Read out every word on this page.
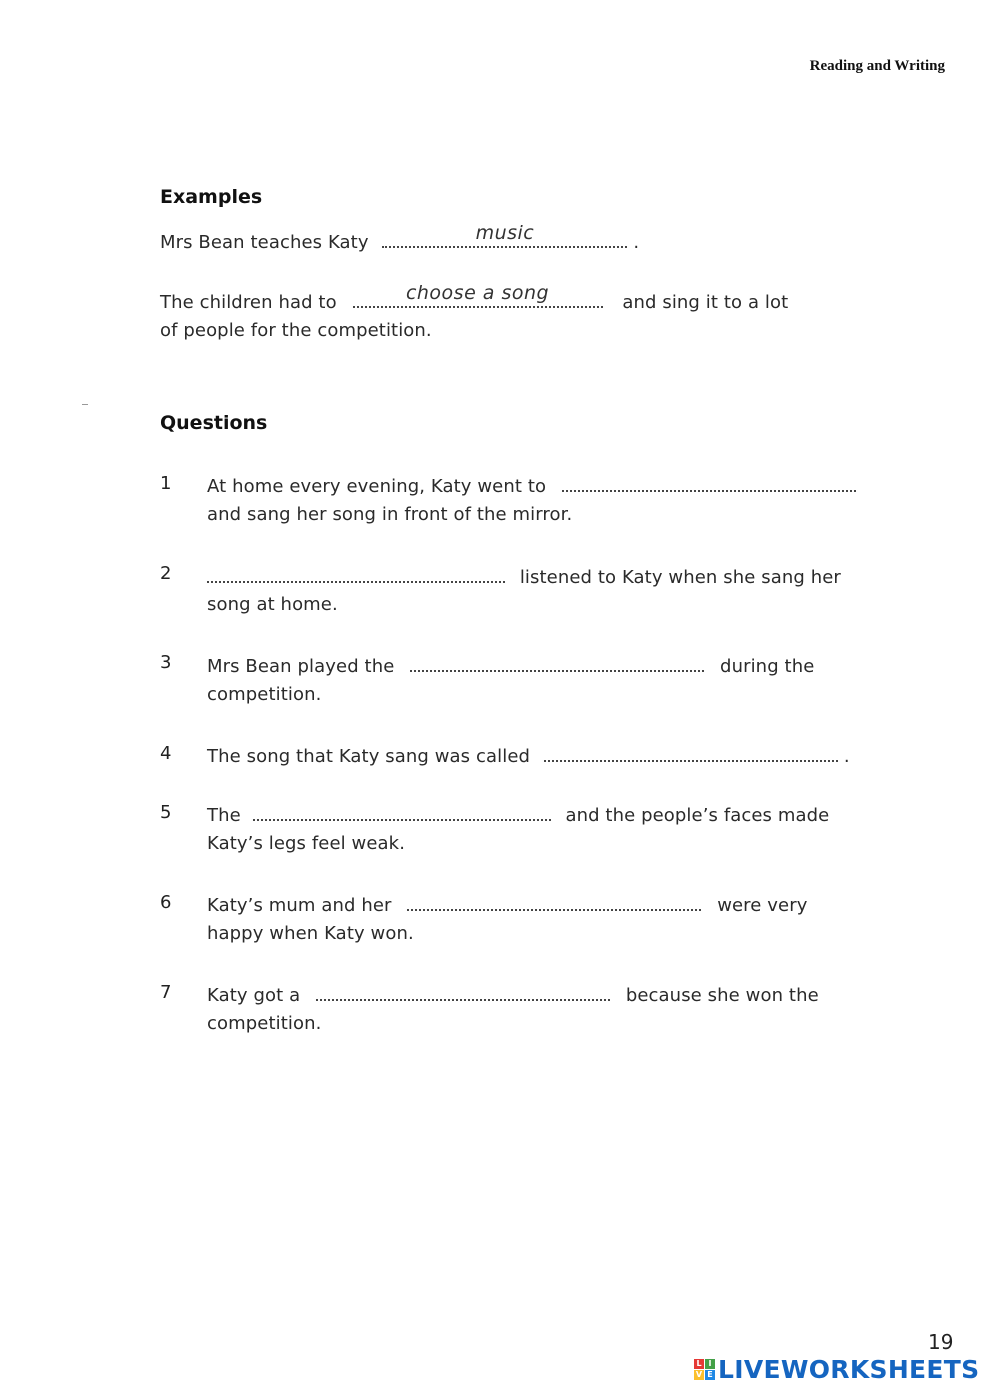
Reading and Writing
Examples
Mrs Bean teaches Katy	music	.
The children had to	choose a song	and sing it to a lot
of people for the competition.
Questions
1 At home every evening, Katy went to
and sang her song in front of the mirror.
2	listened to Katy when she sang her
song at home.
3 Mrs Bean played the	during the
competition.
4 The song that Katy sang was called	.
5 The	and the people’s faces made
Katy’s legs feel weak.
6 Katy’s mum and her	were very
happy when Katy won.
7 Katy got a	because she won the
competition.
19
L I
V E LIVEWORKSHEETS
